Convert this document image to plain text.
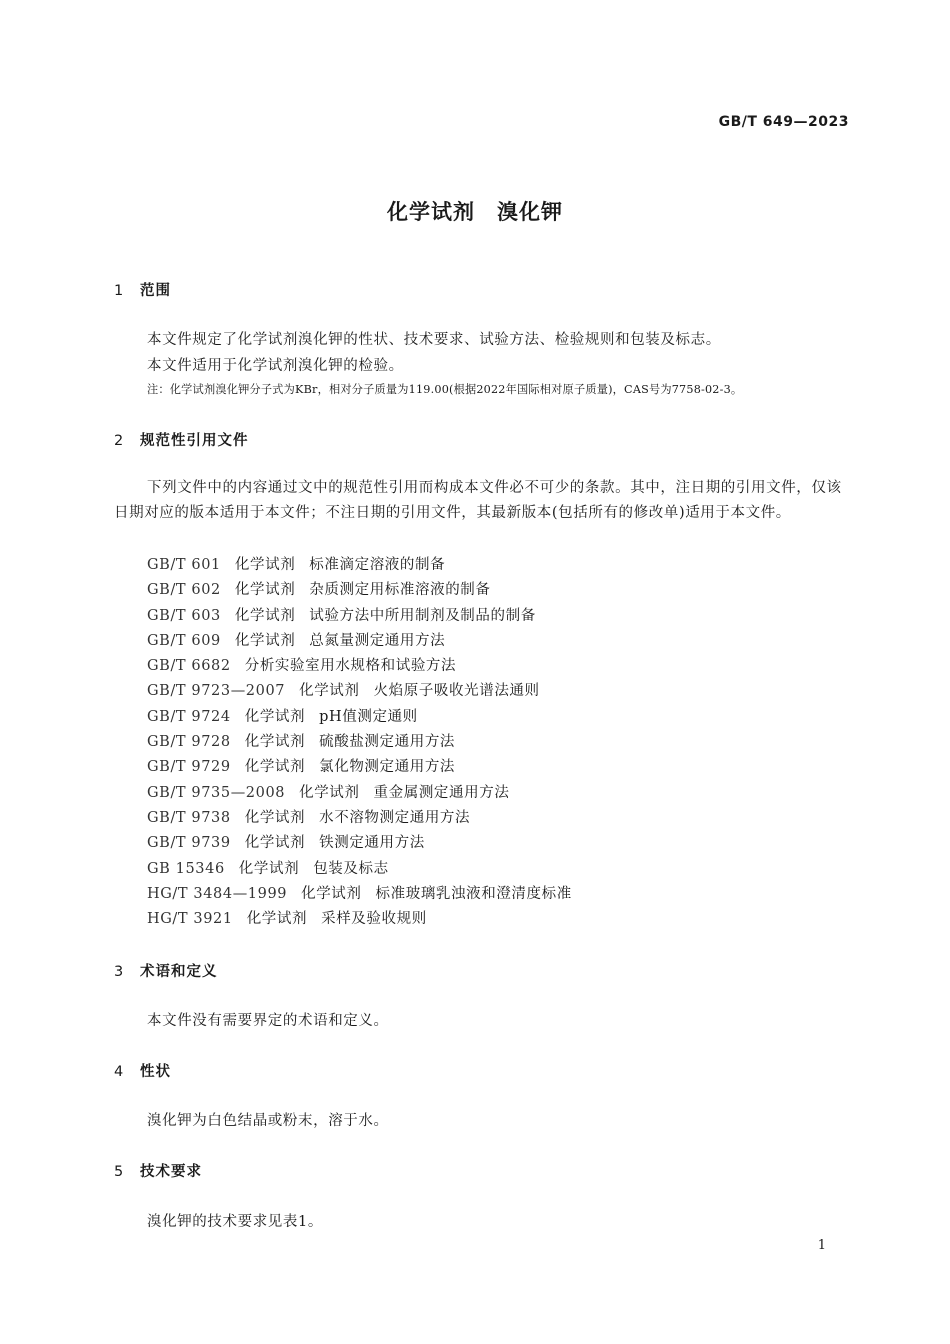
GB/T 649—2023
化学试剂　溴化钾
1 范围
本文件规定了化学试剂溴化钾的性状、技术要求、试验方法、检验规则和包装及标志。
本文件适用于化学试剂溴化钾的检验。
注：化学试剂溴化钾分子式为KBr，相对分子质量为119.00(根据2022年国际相对原子质量)，CAS号为7758-02-3。
2 规范性引用文件

下列文件中的内容通过文中的规范性引用而构成本文件必不可少的条款。其中，注日期的引用文件，仅该日期对应的版本适用于本文件；不注日期的引用文件，其最新版本(包括所有的修改单)适用于本文件。

GB/T 601 化学试剂 标准滴定溶液的制备
GB/T 602 化学试剂 杂质测定用标准溶液的制备
GB/T 603 化学试剂 试验方法中所用制剂及制品的制备
GB/T 609 化学试剂 总氮量测定通用方法
GB/T 6682 分析实验室用水规格和试验方法
GB/T 9723—2007 化学试剂 火焰原子吸收光谱法通则
GB/T 9724 化学试剂 pH值测定通则
GB/T 9728 化学试剂 硫酸盐测定通用方法
GB/T 9729 化学试剂 氯化物测定通用方法
GB/T 9735—2008 化学试剂 重金属测定通用方法
GB/T 9738 化学试剂 水不溶物测定通用方法
GB/T 9739 化学试剂 铁测定通用方法
GB 15346 化学试剂 包装及标志
HG/T 3484—1999 化学试剂 标准玻璃乳浊液和澄清度标准
HG/T 3921 化学试剂 采样及验收规则
3 术语和定义
本文件没有需要界定的术语和定义。
4 性状
溴化钾为白色结晶或粉末，溶于水。
5 技术要求
溴化钾的技术要求见表1。
1
